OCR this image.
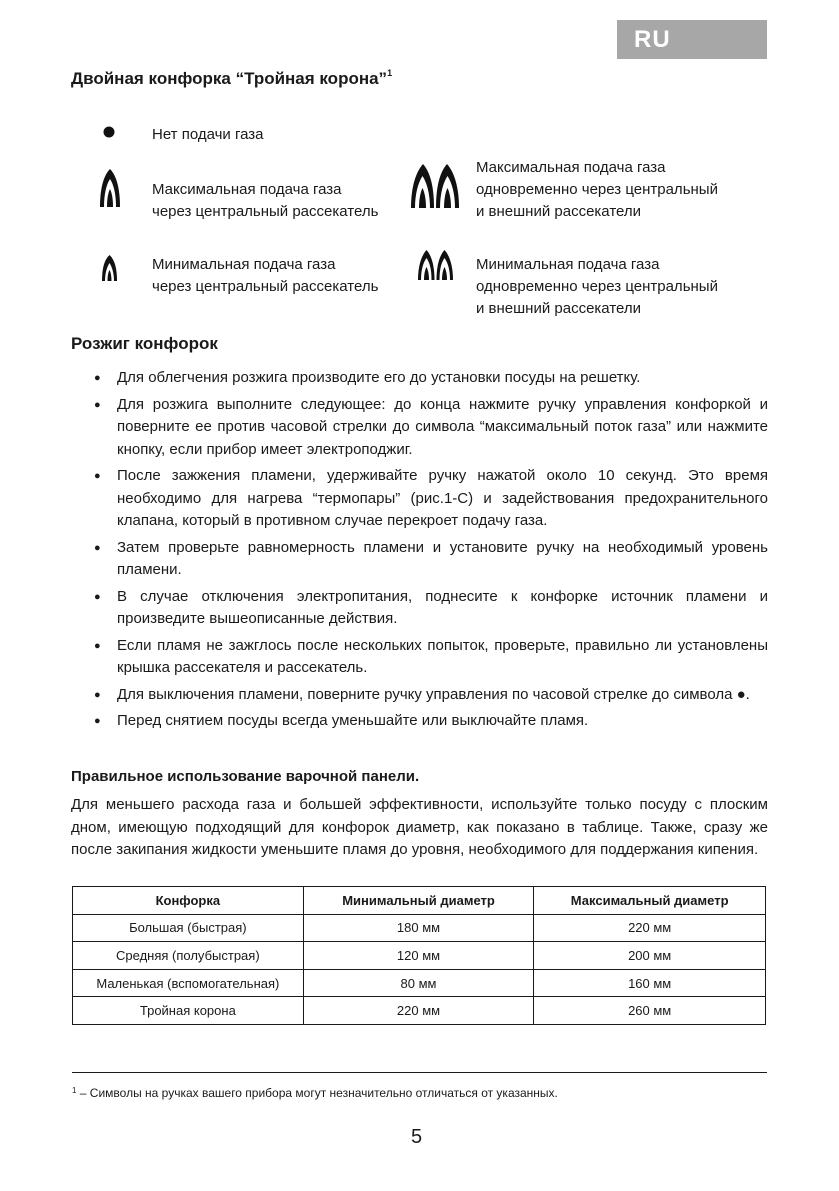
RU
Двойная конфорка “Тройная корона”$^1$
Нет подачи газа
Максимальная подача газа
через центральный рассекатель
Минимальная подача газа
через центральный рассекатель
Максимальная подача газа
одновременно через центральный
и внешний рассекатели
Минимальная подача газа
одновременно через центральный
и внешний рассекатели
Розжиг конфорок
● Для облегчения розжига производите его до установки посуды на решетку.
● Для розжига выполните следующее: до конца нажмите ручку управления конфоркой и поверните ее против часовой стрелки до символа “максимальный поток газа” или нажмите кнопку, если прибор имеет электроподжиг.
● После зажжения пламени, удерживайте ручку нажатой около 10 секунд. Это время необходимо для нагрева “термопары” (рис.1-С) и задействования предохранительного клапана, который в противном случае перекроет подачу газа.
● Затем проверьте равномерность пламени и установите ручку на необходимый уровень пламени.
● В случае отключения электропитания, поднесите к конфорке источник пламени и произведите вышеописанные действия.
● Если пламя не зажглось после нескольких попыток, проверьте, правильно ли установлены крышка рассекателя и рассекатель.
● Для выключения пламени, поверните ручку управления по часовой стрелке до символа ●.
● Перед снятием посуды всегда уменьшайте или выключайте пламя.
Правильное использование варочной панели.
Для меньшего расхода газа и большей эффективности, используйте только посуду с плоским дном, имеющую подходящий для конфорок диаметр, как показано в таблице. Также, сразу же после закипания жидкости уменьшите пламя до уровня, необходимого для поддержания кипения.
Конфорка	Минимальный диаметр	Максимальный диаметр
Большая (быстрая)	180 мм	220 мм
Средняя (полубыстрая)	120 мм	200 мм
Маленькая (вспомогательная)	80 мм	160 мм
Тройная корона	220 мм	260 мм
$^1$ – Символы на ручках вашего прибора могут незначительно отличаться от указанных.
5
